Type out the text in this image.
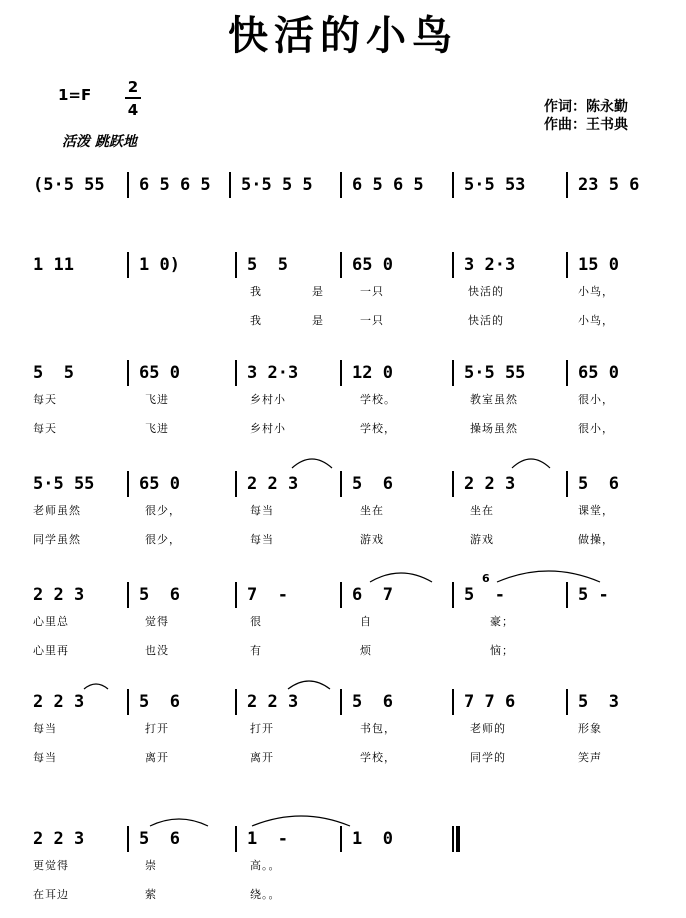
快活的小鸟
1=F 2
4
活泼 跳跃地
作词：陈永勤
作曲：王书典
(5·5 55	6 5 6 5	5·5 5 5	6 5 6 5	5·5 53	23 5 6
1 11	1 0)	5  5	65 0	3 2·3	15 0
我	是	一只	快活的	小鸟，
我	是	一只	快活的	小鸟，
5  5	65 0	3 2·3	12 0	5·5 55	65 0
每天	飞进	乡村小	学校。	教室虽然	很小，
每天	飞进	乡村小	学校，	操场虽然	很小，
5·5 55	65 0	2 2 3	5  6	2 2 3	5  6
老师虽然	很少，	每当	坐在	坐在	课堂，
同学虽然	很少，	每当	游戏	游戏	做操，
2 2 3	5  6	7  -	6  7	5  -	5 -
心里总	觉得	很	自	豪；
心里再	也没	有	烦	恼；
2 2 3	5  6	2 2 3	5  6	7 7 6	5  3
每当	打开	打开	书包，	老师的	形象
每当	离开	离开	学校，	同学的	笑声
2 2 3	5  6	1  -	1  0
更觉得	崇	高。。
在耳边	萦	绕。。
6
